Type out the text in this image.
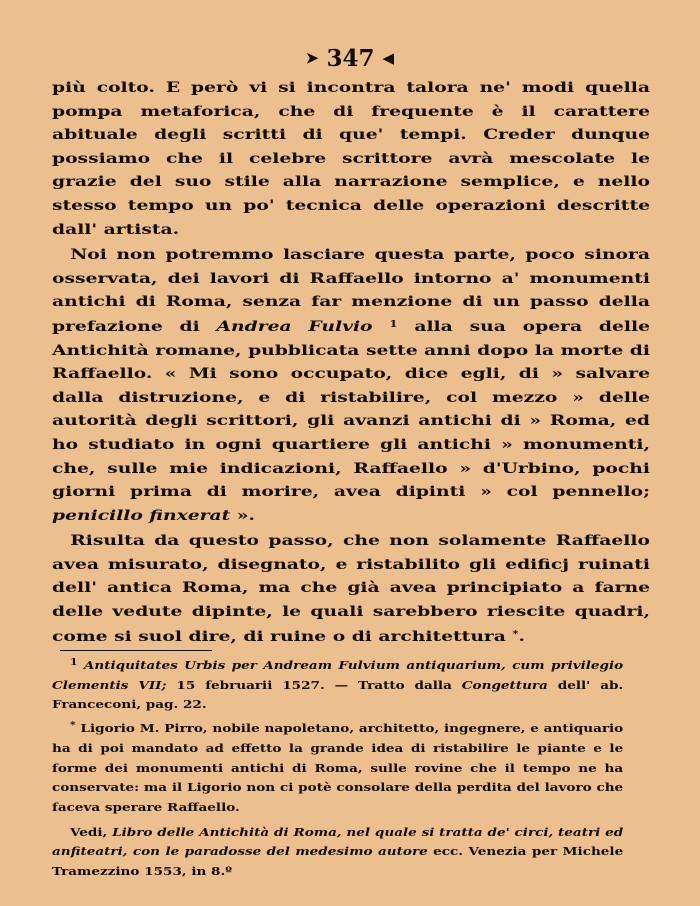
➤ 347 ◀

più colto. E però vi si incontra talora ne' modi quella pompa metaforica, che di frequente è il carattere abituale degli scritti di que' tempi. Creder dunque possiamo che il celebre scrittore avrà mescolate le grazie del suo stile alla narrazione semplice, e nello stesso tempo un po' tecnica delle operazioni descritte dall' artista.

Noi non potremmo lasciare questa parte, poco sinora osservata, dei lavori di Raffaello intorno a' monumenti antichi di Roma, senza far menzione di un passo della prefazione di Andrea Fulvio $^1$ alla sua opera delle Antichità romane, pubblicata sette anni dopo la morte di Raffaello. « Mi sono occupato, dice egli, di » salvare dalla distruzione, e di ristabilire, col mezzo » delle autorità degli scrittori, gli avanzi antichi di » Roma, ed ho studiato in ogni quartiere gli antichi » monumenti, che, sulle mie indicazioni, Raffaello » d'Urbino, pochi giorni prima di morire, avea dipinti » col pennello; penicillo finxerat ».

Risulta da questo passo, che non solamente Raffaello avea misurato, disegnato, e ristabilito gli edificj ruinati dell' antica Roma, ma che già avea principiato a farne delle vedute dipinte, le quali sarebbero riescite quadri, come si suol dire, di ruine o di architettura *.

$^1$ Antiquitates Urbis per Andream Fulvium antiquarium, cum privilegio Clementis VII; 15 februarii 1527. — Tratto dalla Congettura dell' ab. Franceconi, pag. 22.

* Ligorio M. Pirro, nobile napoletano, architetto, ingegnere, e antiquario ha di poi mandato ad effetto la grande idea di ristabilire le piante e le forme dei monumenti antichi di Roma, sulle rovine che il tempo ne ha conservate: ma il Ligorio non ci potè consolare della perdita del lavoro che faceva sperare Raffaello.

Vedi, Libro delle Antichità di Roma, nel quale si tratta de' circi, teatri ed anfiteatri, con le paradosse del medesimo autore ecc. Venezia per Michele Tramezzino 1553, in 8.º
